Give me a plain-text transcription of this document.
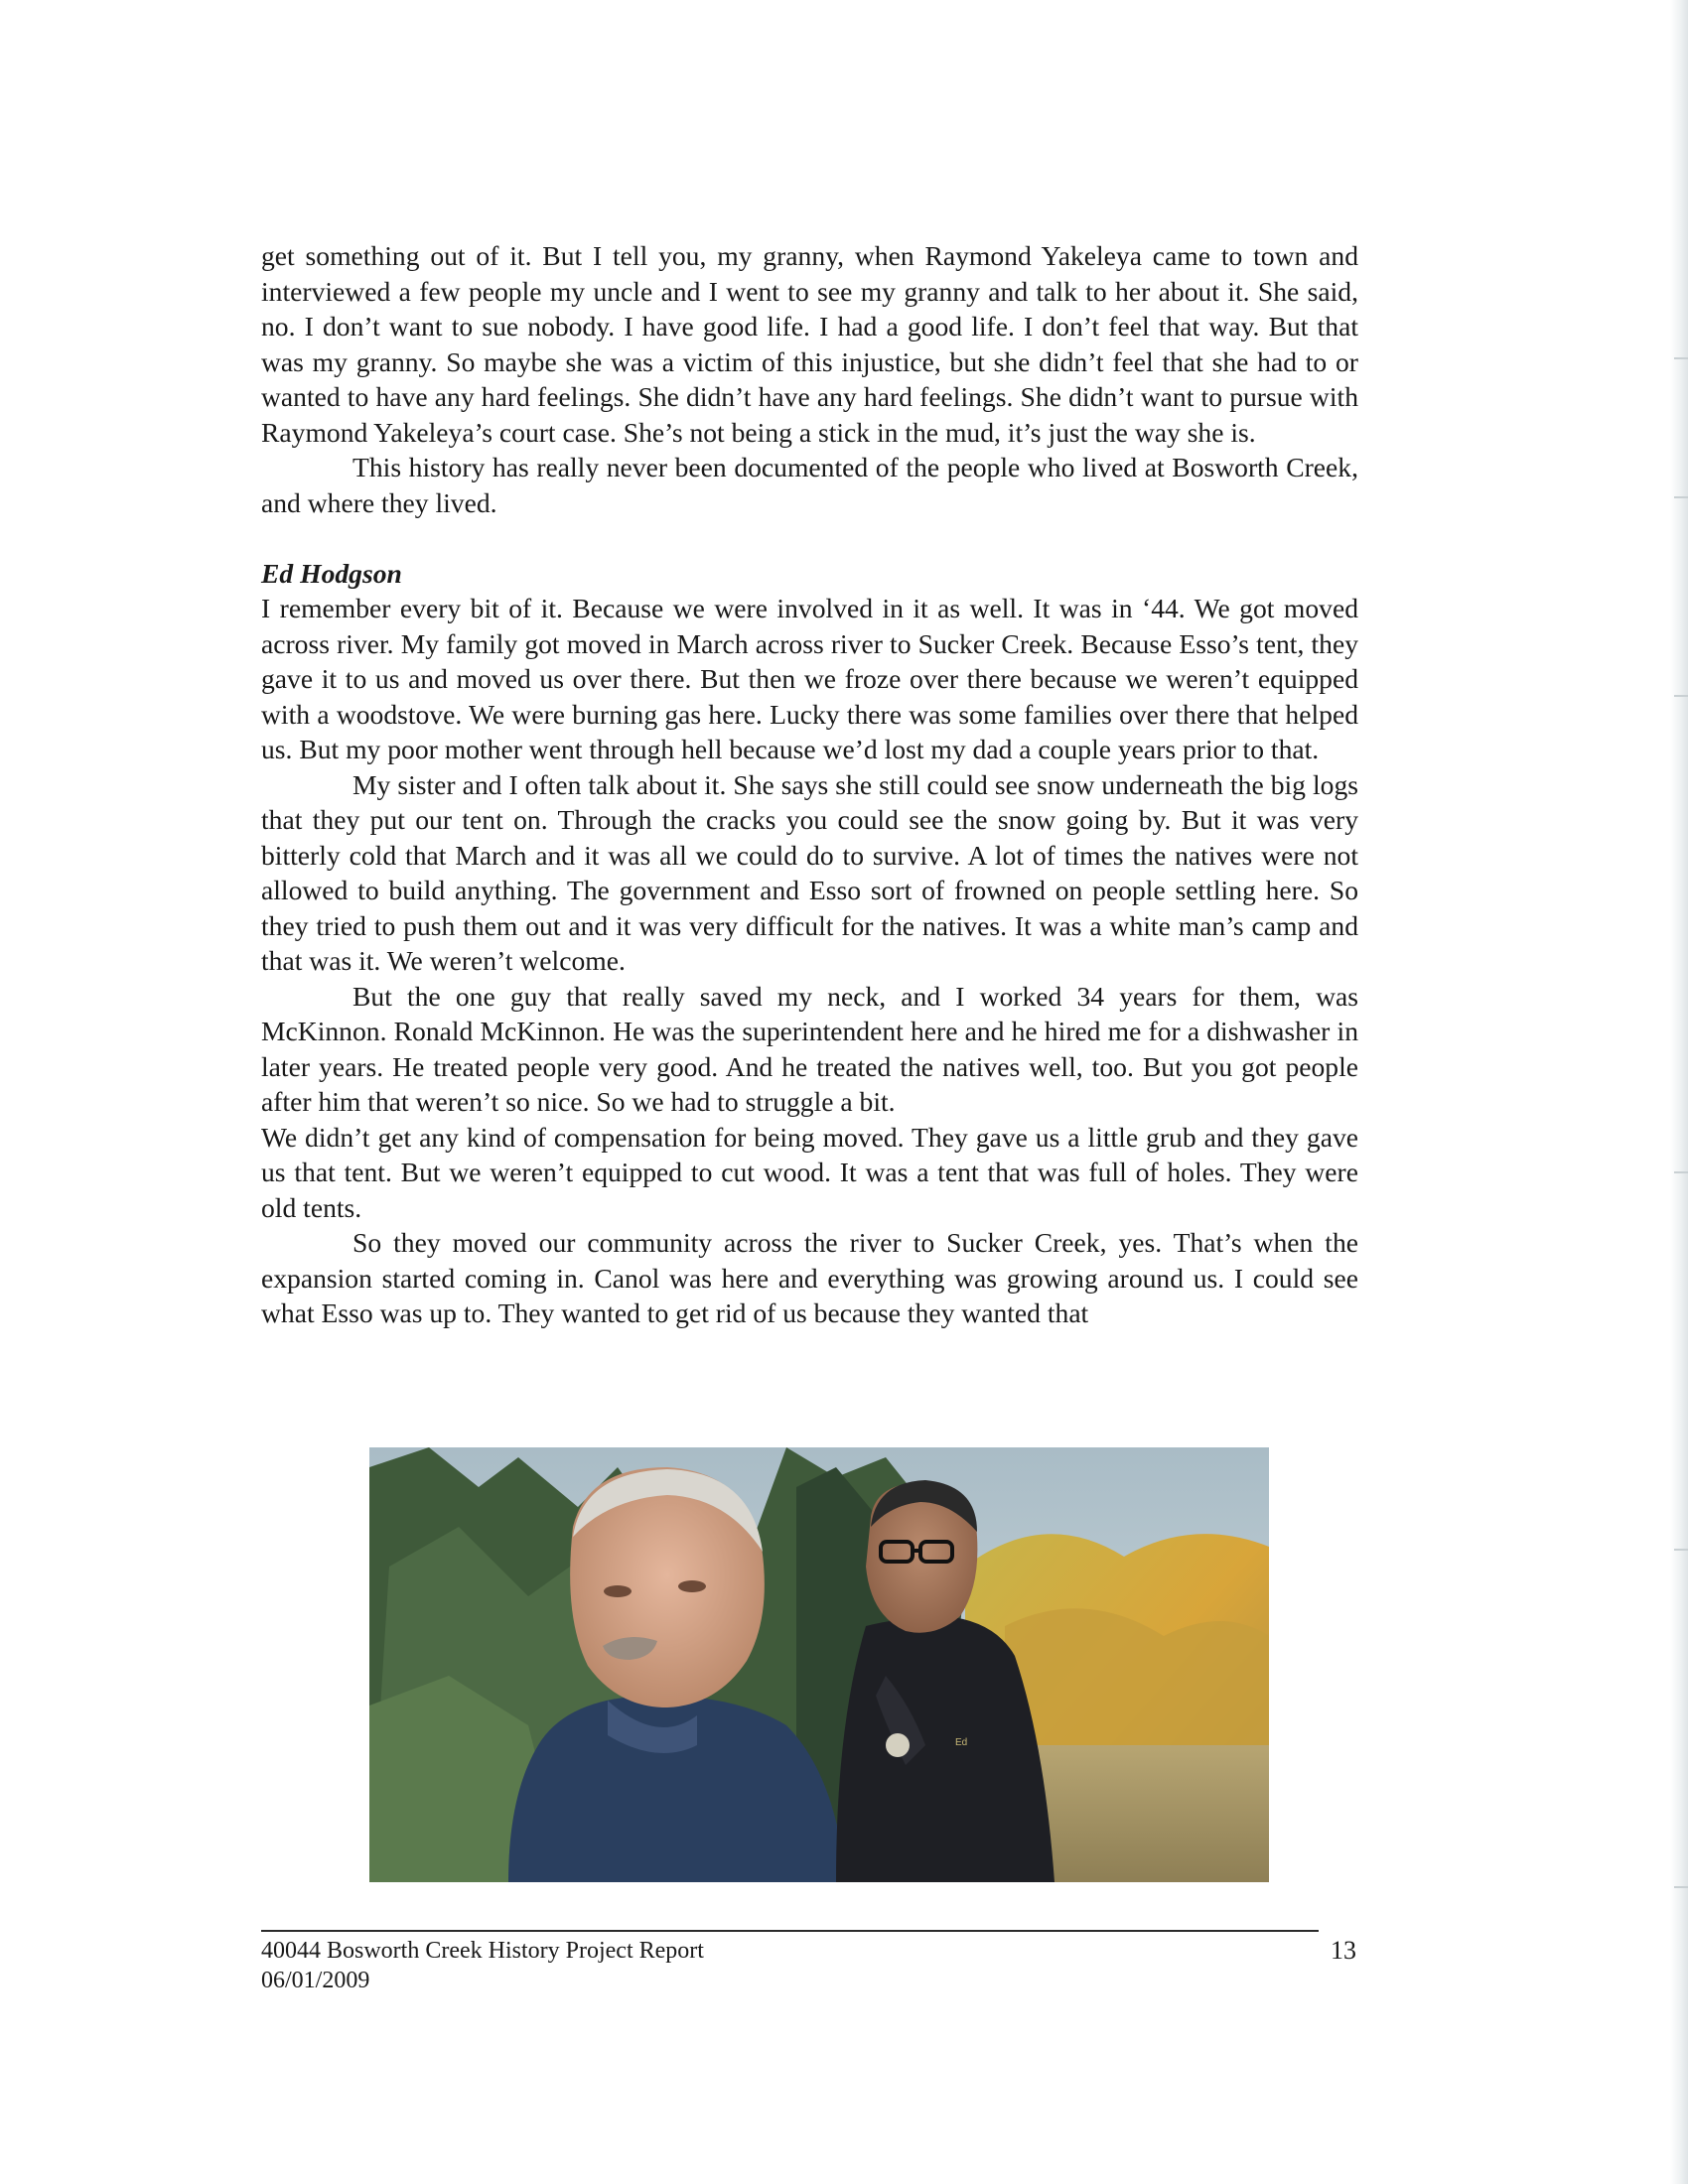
get something out of it. But I tell you, my granny, when Raymond Yakeleya came to town and interviewed a few people my uncle and I went to see my granny and talk to her about it. She said, no. I don’t want to sue nobody. I have good life. I had a good life. I don’t feel that way. But that was my granny. So maybe she was a victim of this injustice, but she didn’t feel that she had to or wanted to have any hard feelings. She didn’t have any hard feelings. She didn’t want to pursue with Raymond Yakeleya’s court case. She’s not being a stick in the mud, it’s just the way she is.

This history has really never been documented of the people who lived at Bosworth Creek, and where they lived.

Ed Hodgson

I remember every bit of it. Because we were involved in it as well. It was in ‘44. We got moved across river. My family got moved in March across river to Sucker Creek. Because Esso’s tent, they gave it to us and moved us over there. But then we froze over there because we weren’t equipped with a woodstove. We were burning gas here. Lucky there was some families over there that helped us. But my poor mother went through hell because we’d lost my dad a couple years prior to that.

My sister and I often talk about it. She says she still could see snow underneath the big logs that they put our tent on. Through the cracks you could see the snow going by. But it was very bitterly cold that March and it was all we could do to survive. A lot of times the natives were not allowed to build anything. The government and Esso sort of frowned on people settling here. So they tried to push them out and it was very difficult for the natives. It was a white man’s camp and that was it. We weren’t welcome.

But the one guy that really saved my neck, and I worked 34 years for them, was McKinnon. Ronald McKinnon. He was the superintendent here and he hired me for a dishwasher in later years. He treated people very good. And he treated the natives well, too. But you got people after him that weren’t so nice. So we had to struggle a bit.

We didn’t get any kind of compensation for being moved. They gave us a little grub and they gave us that tent. But we weren’t equipped to cut wood. It was a tent that was full of holes. They were old tents.

So they moved our community across the river to Sucker Creek, yes. That’s when the expansion started coming in. Canol was here and everything was growing around us. I could see what Esso was up to. They wanted to get rid of us because they wanted that

Ed
40044 Bosworth Creek History Project Report
06/01/2009
13
